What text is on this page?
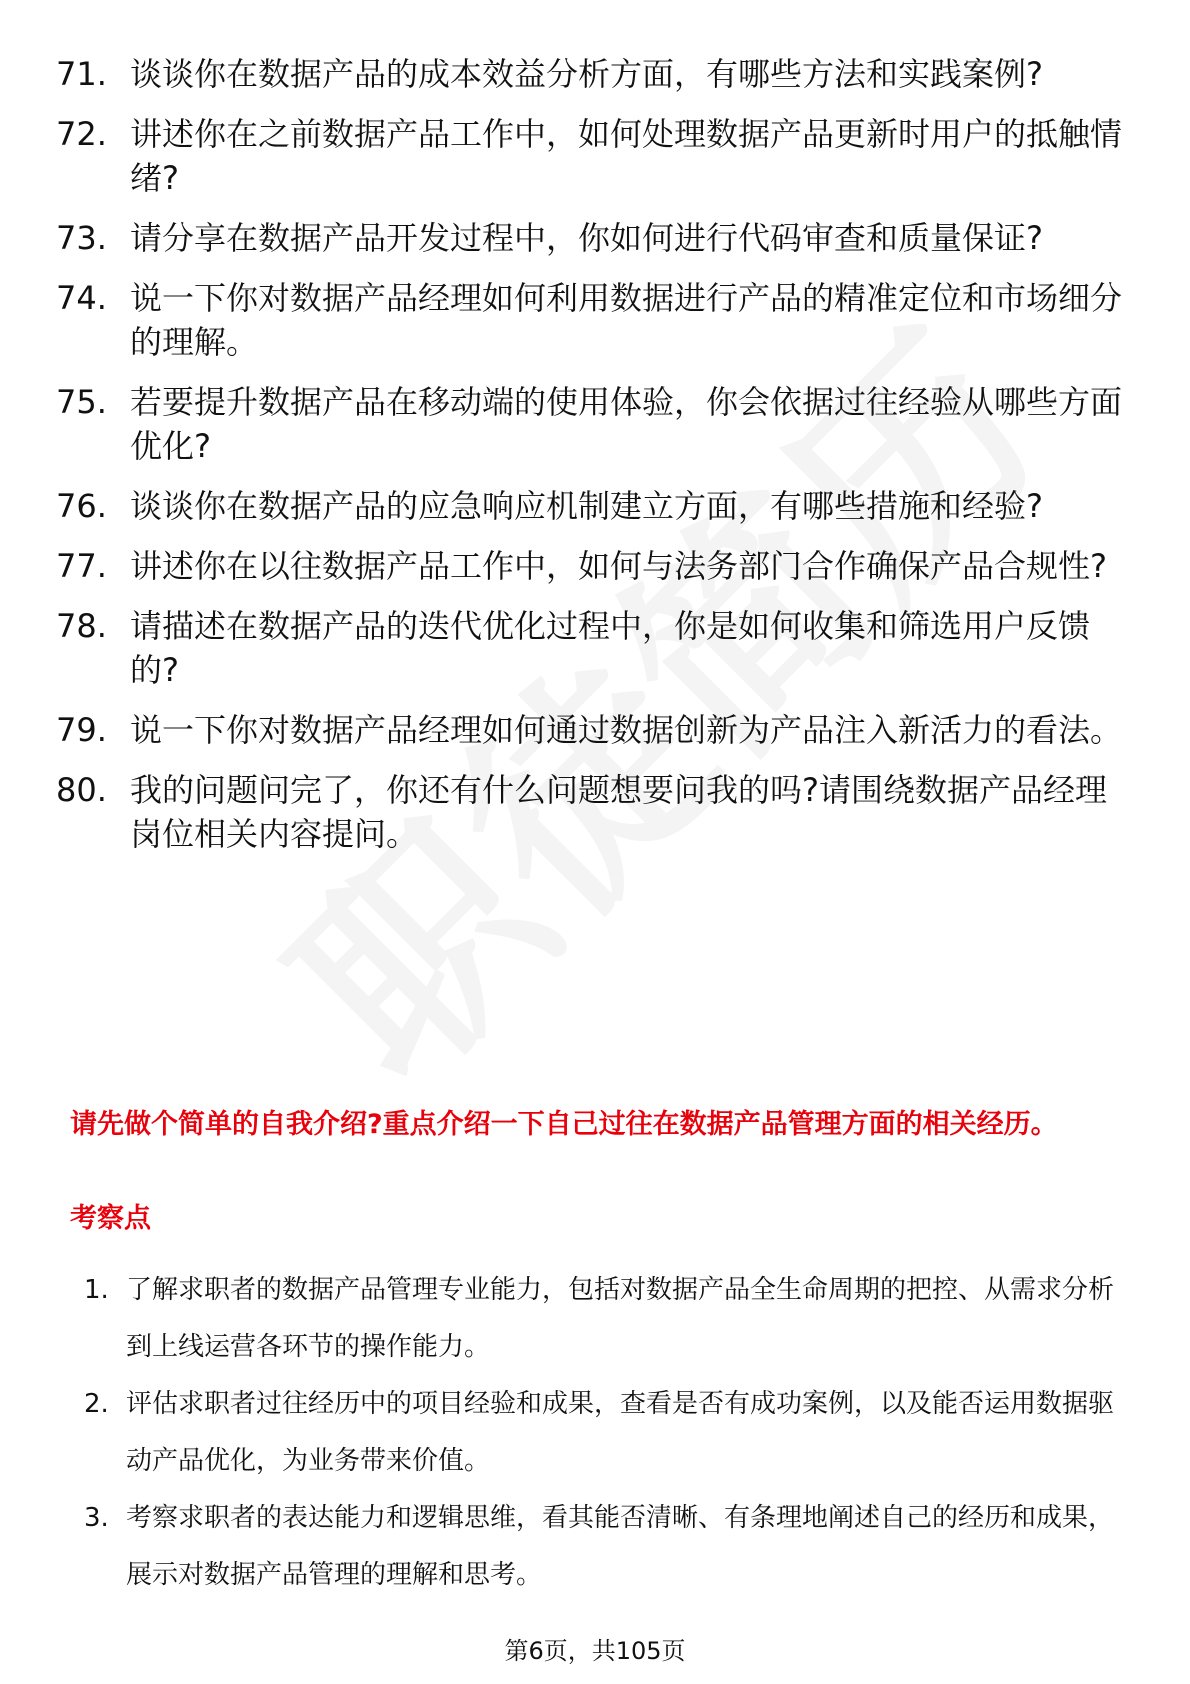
71. 谈谈你在数据产品的成本效益分析方面，有哪些方法和实践案例?
72. 讲述你在之前数据产品工作中，如何处理数据产品更新时用户的抵触情绪?
73. 请分享在数据产品开发过程中，你如何进行代码审查和质量保证?
74. 说一下你对数据产品经理如何利用数据进行产品的精准定位和市场细分的理解。
75. 若要提升数据产品在移动端的使用体验，你会依据过往经验从哪些方面优化?
76. 谈谈你在数据产品的应急响应机制建立方面，有哪些措施和经验?
77. 讲述你在以往数据产品工作中，如何与法务部门合作确保产品合规性?
78. 请描述在数据产品的迭代优化过程中，你是如何收集和筛选用户反馈的?
79. 说一下你对数据产品经理如何通过数据创新为产品注入新活力的看法。
80. 我的问题问完了，你还有什么问题想要问我的吗?请围绕数据产品经理岗位相关内容提问。
请先做个简单的自我介绍?重点介绍一下自己过往在数据产品管理方面的相关经历。
考察点
1. 了解求职者的数据产品管理专业能力，包括对数据产品全生命周期的把控、从需求分析到上线运营各环节的操作能力。
2. 评估求职者过往经历中的项目经验和成果，查看是否有成功案例，以及能否运用数据驱动产品优化，为业务带来价值。
3. 考察求职者的表达能力和逻辑思维，看其能否清晰、有条理地阐述自己的经历和成果，展示对数据产品管理的理解和思考。
第6页，共105页
